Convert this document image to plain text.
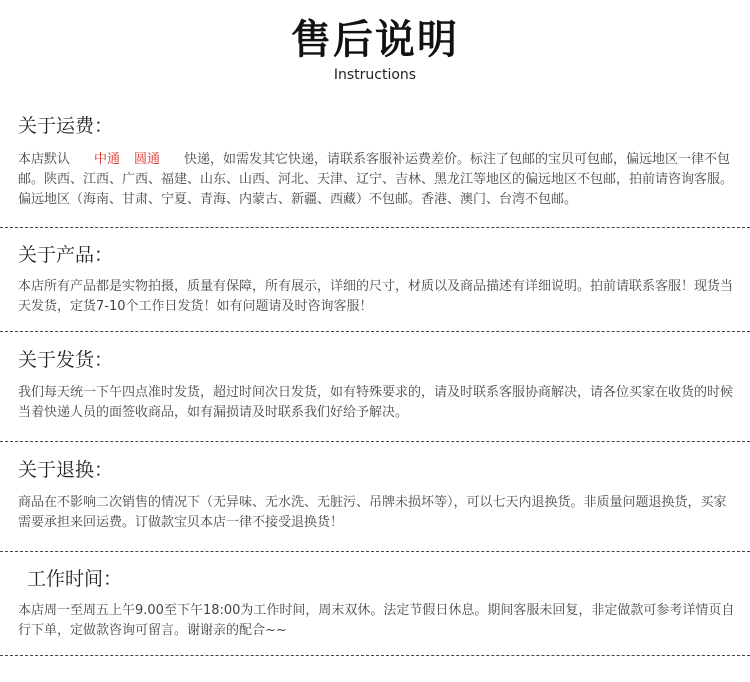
售后说明
Instructions
关于运费：
本店默认 中通 圆通 快递，如需发其它快递，请联系客服补运费差价。标注了包邮的宝贝可包邮，偏远地区一律不包邮。陕西、江西、广西、福建、山东、山西、河北、天津、辽宁、吉林、黑龙江等地区的偏远地区不包邮，拍前请咨询客服。偏远地区（海南、甘肃、宁夏、青海、内蒙古、新疆、西藏）不包邮。香港、澳门、台湾不包邮。
关于产品：
本店所有产品都是实物拍摄，质量有保障，所有展示，详细的尺寸，材质以及商品描述有详细说明。拍前请联系客服！现货当天发货，定货7-10个工作日发货！如有问题请及时咨询客服！
关于发货：
我们每天统一下午四点准时发货，超过时间次日发货，如有特殊要求的，请及时联系客服协商解决，请各位买家在收货的时候当着快递人员的面签收商品，如有漏损请及时联系我们好给予解决。
关于退换：
商品在不影响二次销售的情况下（无异味、无水洗、无脏污、吊牌未损坏等），可以七天内退换货。非质量问题退换货，买家需要承担来回运费。订做款宝贝本店一律不接受退换货！
工作时间：
本店周一至周五上午9.00至下午18:00为工作时间，周末双休。法定节假日休息。期间客服未回复，非定做款可参考详情页自行下单，定做款咨询可留言。谢谢亲的配合~~
